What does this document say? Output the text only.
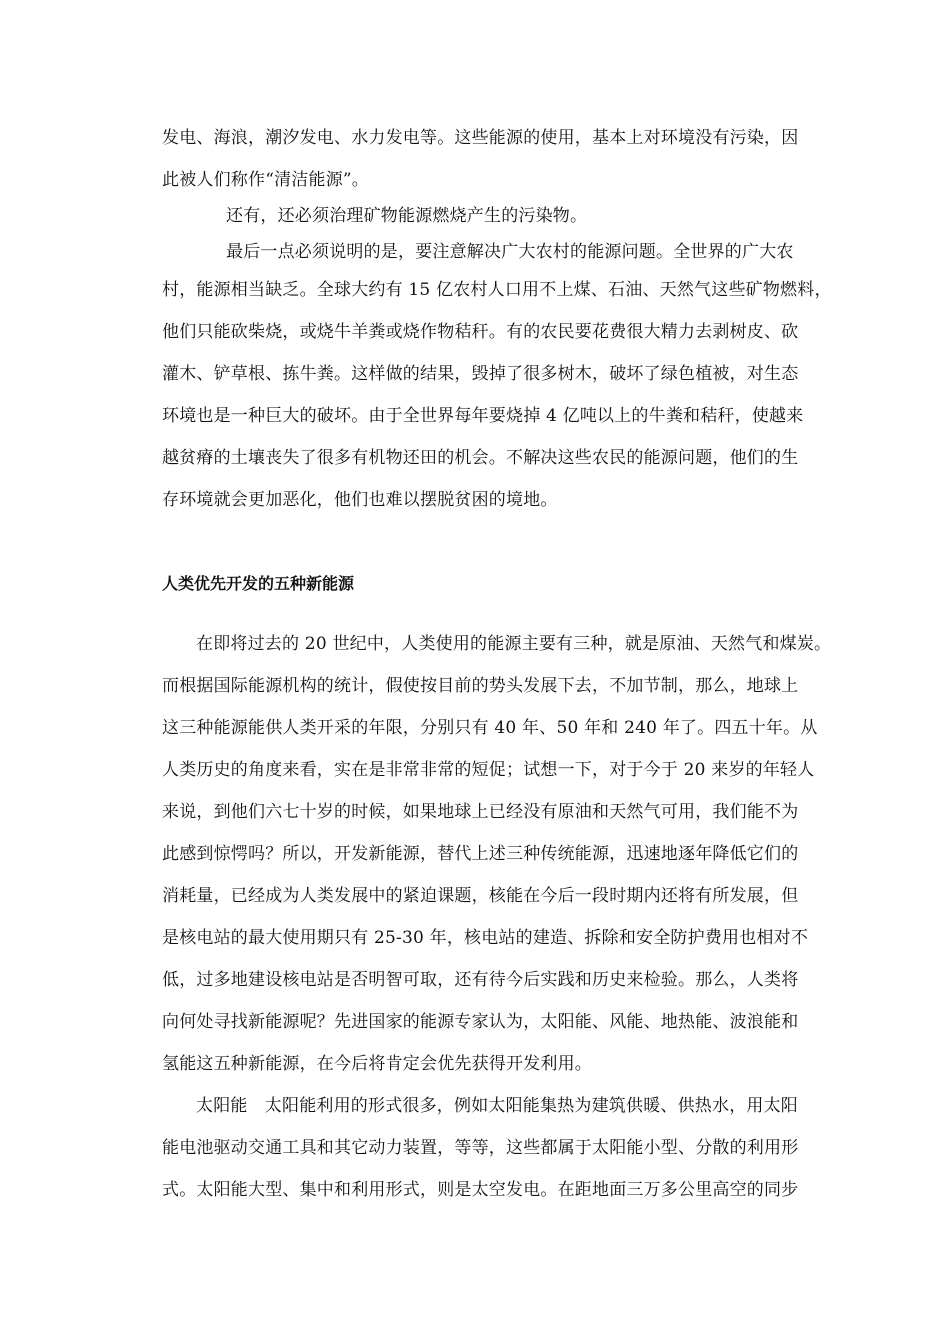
发电、海浪，潮汐发电、水力发电等。这些能源的使用，基本上对环境没有污染，因
此被人们称作“清洁能源”。
还有，还必须治理矿物能源燃烧产生的污染物。
最后一点必须说明的是，要注意解决广大农村的能源问题。全世界的广大农
村，能源相当缺乏。全球大约有 15 亿农村人口用不上煤、石油、天然气这些矿物燃料，
他们只能砍柴烧，或烧牛羊粪或烧作物秸秆。有的农民要花费很大精力去剥树皮、砍
灌木、铲草根、拣牛粪。这样做的结果，毁掉了很多树木，破坏了绿色植被，对生态
环境也是一种巨大的破坏。由于全世界每年要烧掉 4 亿吨以上的牛粪和秸秆，使越来
越贫瘠的土壤丧失了很多有机物还田的机会。不解决这些农民的能源问题，他们的生
存环境就会更加恶化，他们也难以摆脱贫困的境地。
人类优先开发的五种新能源
在即将过去的 20 世纪中，人类使用的能源主要有三种，就是原油、天然气和煤炭。
而根据国际能源机构的统计，假使按目前的势头发展下去，不加节制，那么，地球上
这三种能源能供人类开采的年限，分别只有 40 年、50 年和 240 年了。四五十年。从
人类历史的角度来看，实在是非常非常的短促；试想一下，对于今于 20 来岁的年轻人
来说，到他们六七十岁的时候，如果地球上已经没有原油和天然气可用，我们能不为
此感到惊愕吗？所以，开发新能源，替代上述三种传统能源，迅速地逐年降低它们的
消耗量，已经成为人类发展中的紧迫课题，核能在今后一段时期内还将有所发展，但
是核电站的最大使用期只有 25-30 年，核电站的建造、拆除和安全防护费用也相对不
低，过多地建设核电站是否明智可取，还有待今后实践和历史来检验。那么，人类将
向何处寻找新能源呢？先进国家的能源专家认为，太阳能、风能、地热能、波浪能和
氢能这五种新能源，在今后将肯定会优先获得开发利用。
太阳能　太阳能利用的形式很多，例如太阳能集热为建筑供暖、供热水，用太阳
能电池驱动交通工具和其它动力装置，等等，这些都属于太阳能小型、分散的利用形
式。太阳能大型、集中和利用形式，则是太空发电。在距地面三万多公里高空的同步
